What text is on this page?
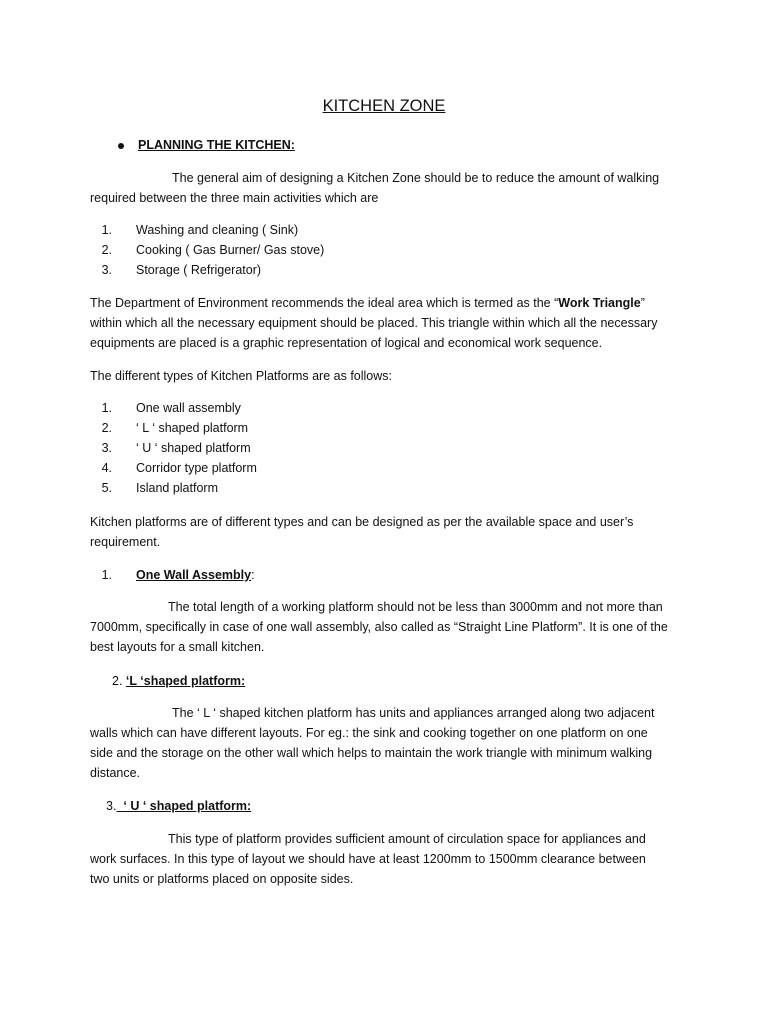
KITCHEN ZONE
PLANNING THE KITCHEN:

The general aim of designing a Kitchen Zone should be to reduce the amount of walking
required between the three main activities which are

1. Washing and cleaning ( Sink)
2. Cooking ( Gas Burner/ Gas stove)
3. Storage ( Refrigerator)

The Department of Environment recommends the ideal area which is termed as the “Work Triangle”
within which all the necessary equipment should be placed. This triangle within which all the necessary
equipments are placed is a graphic representation of logical and economical work sequence.

The different types of Kitchen Platforms are as follows:

1. One wall assembly
2. ‘ L ‘ shaped platform
3. ‘ U ‘ shaped platform
4. Corridor type platform
5. Island platform

Kitchen platforms are of different types and can be designed as per the available space and user’s
requirement.

1. One Wall Assembly:

The total length of a working platform should not be less than 3000mm and not more than
7000mm, specifically in case of one wall assembly, also called as “Straight Line Platform”. It is one of the
best layouts for a small kitchen.

2. ‘L ‘shaped platform:

The ‘ L ‘ shaped kitchen platform has units and appliances arranged along two adjacent
walls which can have different layouts. For eg.: the sink and cooking together on one platform on one
side and the storage on the other wall which helps to maintain the work triangle with minimum walking
distance.

3.  ‘ U ‘ shaped platform:

This type of platform provides sufficient amount of circulation space for appliances and
work surfaces. In this type of layout we should have at least 1200mm to 1500mm clearance between
two units or platforms placed on opposite sides.
